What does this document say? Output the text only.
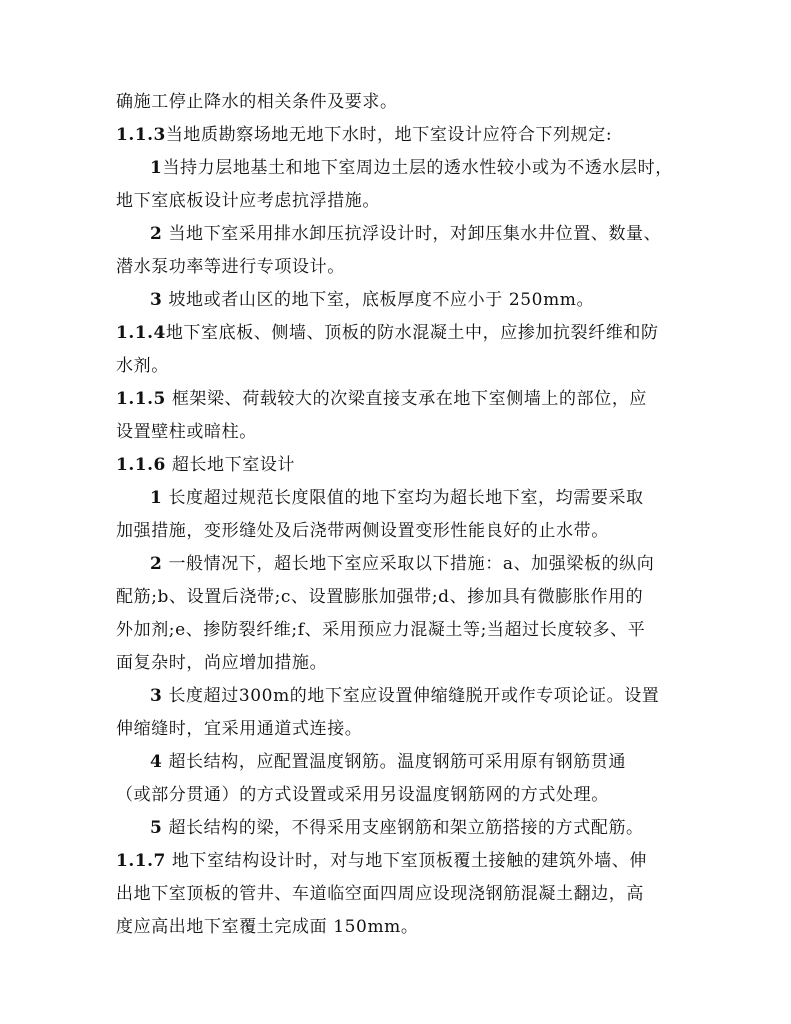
确施工停止降水的相关条件及要求。
1.1.3当地质勘察场地无地下水时，地下室设计应符合下列规定:
1当持力层地基土和地下室周边土层的透水性较小或为不透水层时，
地下室底板设计应考虑抗浮措施。
2 当地下室采用排水卸压抗浮设计时，对卸压集水井位置、数量、
潜水泵功率等进行专项设计。
3 坡地或者山区的地下室，底板厚度不应小于 250mm。
1.1.4地下室底板、侧墙、顶板的防水混凝土中，应掺加抗裂纤维和防
水剂。
1.1.5 框架梁、荷载较大的次梁直接支承在地下室侧墙上的部位，应
设置壁柱或暗柱。
1.1.6 超长地下室设计
1 长度超过规范长度限值的地下室均为超长地下室，均需要采取
加强措施，变形缝处及后浇带两侧设置变形性能良好的止水带。
2 一般情况下，超长地下室应采取以下措施：a、加强梁板的纵向
配筋;b、设置后浇带;c、设置膨胀加强带;d、掺加具有微膨胀作用的
外加剂;e、掺防裂纤维;f、采用预应力混凝土等;当超过长度较多、平
面复杂时，尚应增加措施。
3 长度超过300m的地下室应设置伸缩缝脱开或作专项论证。设置
伸缩缝时，宜采用通道式连接。
4 超长结构，应配置温度钢筋。温度钢筋可采用原有钢筋贯通
（或部分贯通）的方式设置或采用另设温度钢筋网的方式处理。
5 超长结构的梁，不得采用支座钢筋和架立筋搭接的方式配筋。
1.1.7 地下室结构设计时，对与地下室顶板覆土接触的建筑外墙、伸
出地下室顶板的管井、车道临空面四周应设现浇钢筋混凝土翻边，高
度应高出地下室覆土完成面 150mm。
